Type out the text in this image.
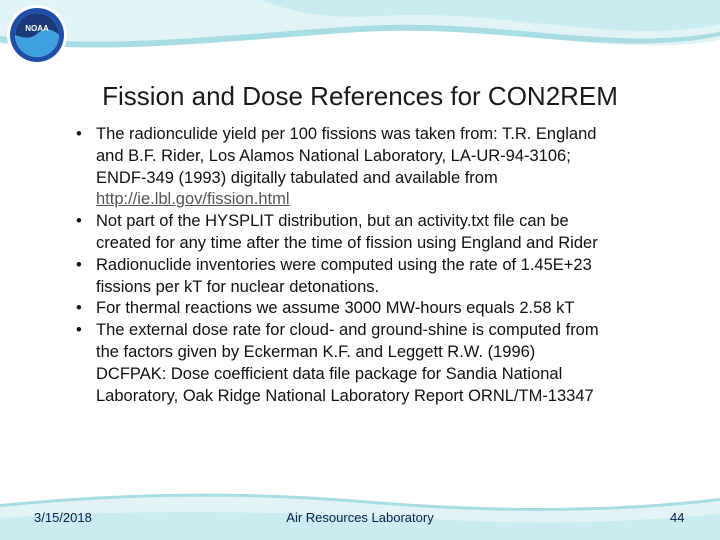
NOAA
Fission and Dose References for CON2REM
• The radionculide yield per 100 fissions was taken from: T.R. England
and B.F. Rider, Los Alamos National Laboratory, LA-UR-94-3106;
ENDF-349 (1993) digitally tabulated and available from
http://ie.lbl.gov/fission.html
• Not part of the HYSPLIT distribution, but an activity.txt file can be
created for any time after the time of fission using England and Rider
• Radionuclide inventories were computed using the rate of 1.45E+23
fissions per kT for nuclear detonations.
• For thermal reactions we assume 3000 MW-hours equals 2.58 kT
• The external dose rate for cloud- and ground-shine is computed from
the factors given by Eckerman K.F. and Leggett R.W. (1996)
DCFPAK: Dose coefficient data file package for Sandia National
Laboratory, Oak Ridge National Laboratory Report ORNL/TM-13347
3/15/2018	Air Resources Laboratory	44
